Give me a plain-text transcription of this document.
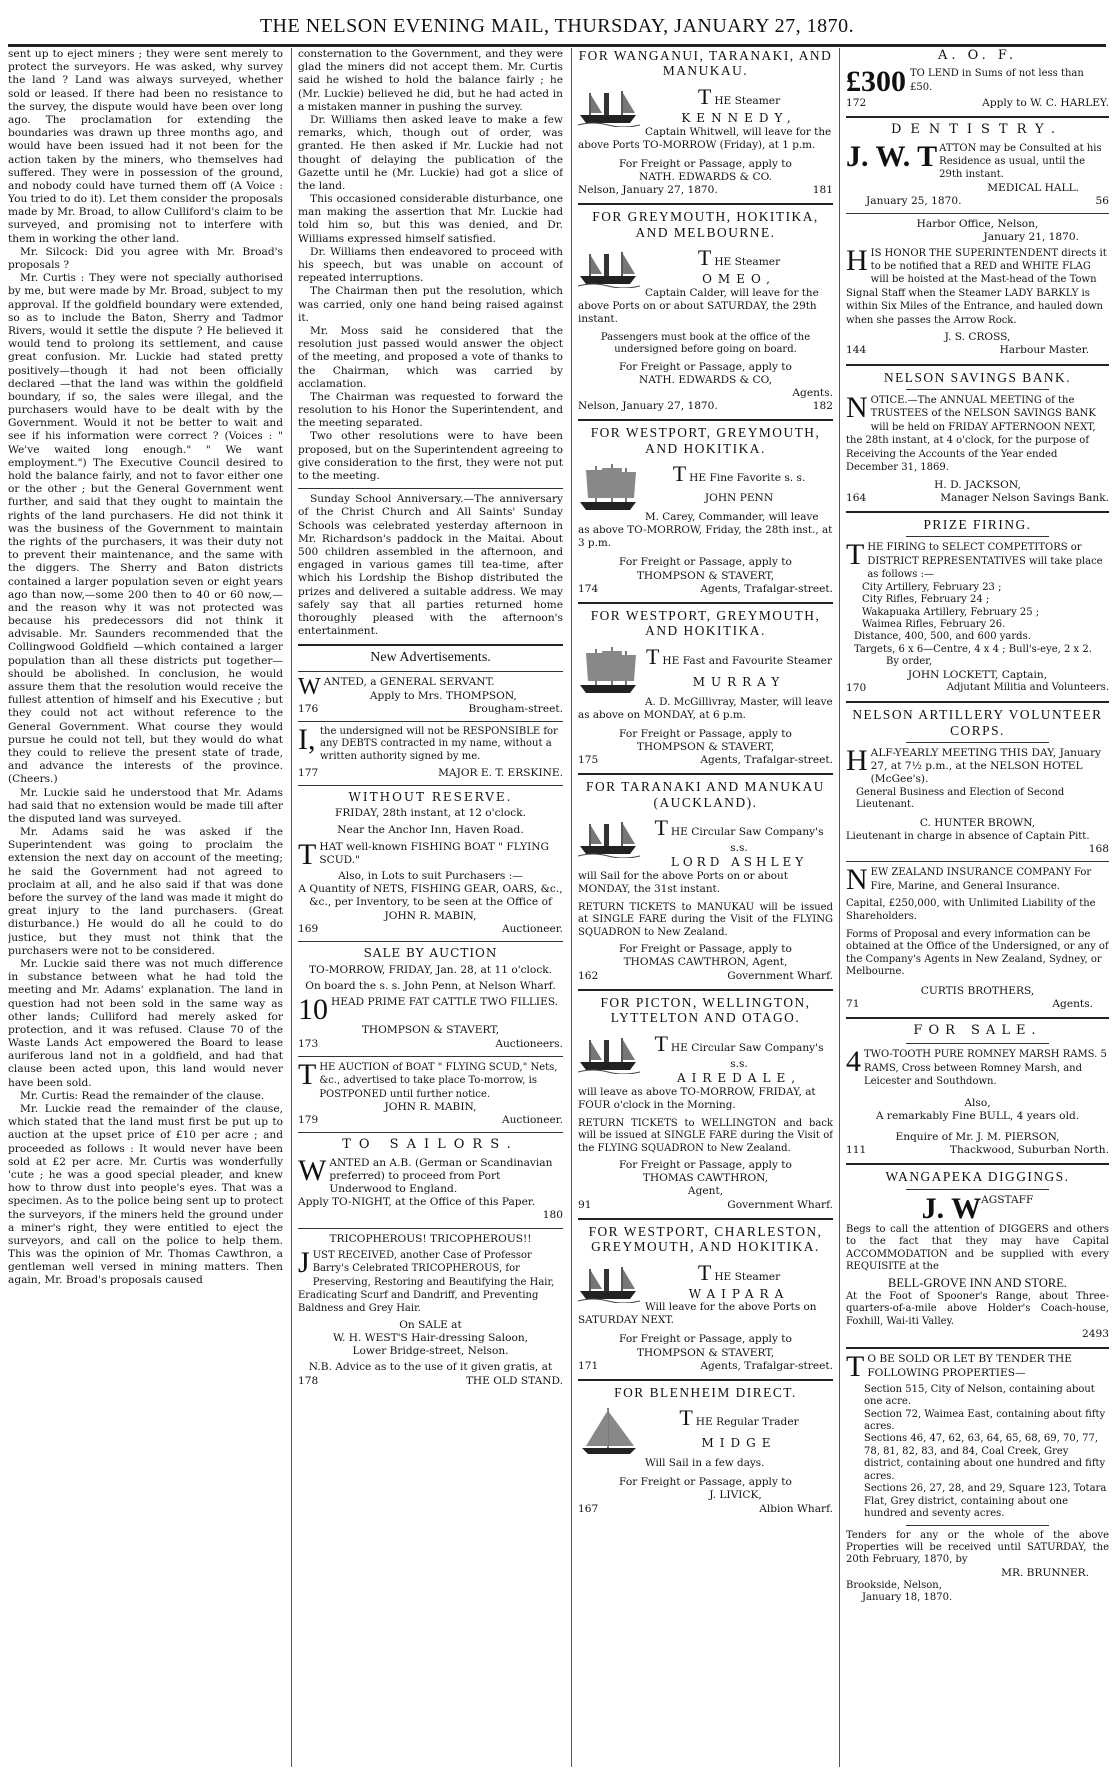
THE NELSON EVENING MAIL, THURSDAY, JANUARY 27, 1870.

sent up to eject miners ; they were sent merely to protect the surveyors. He was asked, why survey the land ? Land was always surveyed, whether sold or leased. If there had been no resistance to the survey, the dispute would have been over long ago. The proclamation for extending the boundaries was drawn up three months ago, and would have been issued had it not been for the action taken by the miners, who themselves had suffered. They were in possession of the ground, and nobody could have turned them off (A Voice : You tried to do it). Let them consider the proposals made by Mr. Broad, to allow Culliford's claim to be surveyed, and promising not to interfere with them in working the other land.

Mr. Silcock: Did you agree with Mr. Broad's proposals ?

Mr. Curtis : They were not specially authorised by me, but were made by Mr. Broad, subject to my approval. If the goldfield boundary were extended, so as to include the Baton, Sherry and Tadmor Rivers, would it settle the dispute ? He believed it would tend to prolong its settlement, and cause great confusion. Mr. Luckie had stated pretty positively—though it had not been officially declared —that the land was within the goldfield boundary, if so, the sales were illegal, and the purchasers would have to be dealt with by the Government. Would it not be better to wait and see if his information were correct ? (Voices : " We've waited long enough." " We want employment.") The Executive Council desired to hold the balance fairly, and not to favor either one or the other ; but the General Government went further, and said that they ought to maintain the rights of the land purchasers. He did not think it was the business of the Government to maintain the rights of the purchasers, it was their duty not to prevent their maintenance, and the same with the diggers. The Sherry and Baton districts contained a larger population seven or eight years ago than now,—some 200 then to 40 or 60 now,—and the reason why it was not protected was because his predecessors did not think it advisable. Mr. Saunders recommended that the Collingwood Goldfield —which contained a larger population than all these districts put together—should be abolished. In conclusion, he would assure them that the resolution would receive the fullest attention of himself and his Executive ; but they could not act without reference to the General Government. What course they would pursue he could not tell, but they would do what they could to relieve the present state of trade, and advance the interests of the province. (Cheers.)

Mr. Luckie said he understood that Mr. Adams had said that no extension would be made till after the disputed land was surveyed.

Mr. Adams said he was asked if the Superintendent was going to proclaim the extension the next day on account of the meeting; he said the Government had not agreed to proclaim at all, and he also said if that was done before the survey of the land was made it might do great injury to the land purchasers. (Great disturbance.) He would do all he could to do justice, but they must not think that the purchasers were not to be considered.

Mr. Luckie said there was not much difference in substance between what he had told the meeting and Mr. Adams' explanation. The land in question had not been sold in the same way as other lands; Culliford had merely asked for protection, and it was refused. Clause 70 of the Waste Lands Act empowered the Board to lease auriferous land not in a goldfield, and had that clause been acted upon, this land would never have been sold.

Mr. Curtis: Read the remainder of the clause.

Mr. Luckie read the remainder of the clause, which stated that the land must first be put up to auction at the upset price of £10 per acre ; and proceeded as follows : It would never have been sold at £2 per acre. Mr. Curtis was wonderfully 'cute ; he was a good special pleader, and knew how to throw dust into people's eyes. That was a specimen. As to the police being sent up to protect the surveyors, if the miners held the ground under a miner's right, they were entitled to eject the surveyors, and call on the police to help them. This was the opinion of Mr. Thomas Cawthron, a gentleman well versed in mining matters. Then again, Mr. Broad's proposals caused

consternation to the Government, and they were glad the miners did not accept them. Mr. Curtis said he wished to hold the balance fairly ; he (Mr. Luckie) believed he did, but he had acted in a mistaken manner in pushing the survey.

Dr. Williams then asked leave to make a few remarks, which, though out of order, was granted. He then asked if Mr. Luckie had not thought of delaying the publication of the Gazette until he (Mr. Luckie) had got a slice of the land.

This occasioned considerable disturbance, one man making the assertion that Mr. Luckie had told him so, but this was denied, and Dr. Williams expressed himself satisfied.

Dr. Williams then endeavored to proceed with his speech, but was unable on account of repeated interruptions.

The Chairman then put the resolution, which was carried, only one hand being raised against it.

Mr. Moss said he considered that the resolution just passed would answer the object of the meeting, and proposed a vote of thanks to the Chairman, which was carried by acclamation.

The Chairman was requested to forward the resolution to his Honor the Superintendent, and the meeting separated.

Two other resolutions were to have been proposed, but on the Superintendent agreeing to give consideration to the first, they were not put to the meeting.

Sunday School Anniversary.—The anniversary of the Christ Church and All Saints' Sunday Schools was celebrated yesterday afternoon in Mr. Richardson's paddock in the Maitai. About 500 children assembled in the afternoon, and engaged in various games till tea-time, after which his Lordship the Bishop distributed the prizes and delivered a suitable address. We may safely say that all parties returned home thoroughly pleased with the afternoon's entertainment.

New Advertisements.
W ANTED, a GENERAL SERVANT.
Apply to Mrs. THOMPSON,
176	Brougham-street.
I, the undersigned will not be RESPONSIBLE for any DEBTS contracted in my name, without a written authority signed by me.
177	MAJOR E. T. ERSKINE.
WITHOUT RESERVE.
FRIDAY, 28th instant, at 12 o'clock.
Near the Anchor Inn, Haven Road.
THAT well-known FISHING BOAT " FLYING SCUD."
Also, in Lots to suit Purchasers :—
A Quantity of NETS, FISHING GEAR, OARS, &c., &c., per Inventory, to be seen at the Office of
JOHN R. MABIN,
169	Auctioneer.
SALE BY AUCTION
TO-MORROW, FRIDAY, Jan. 28, at 11 o'clock.
On board the s. s. John Penn, at Nelson Wharf.
10 HEAD PRIME FAT CATTLE TWO FILLIES.
THOMPSON & STAVERT,
173	Auctioneers.
THE AUCTION of BOAT " FLYING SCUD," Nets, &c., advertised to take place To-morrow, is POSTPONED until further notice.
JOHN R. MABIN,
179	Auctioneer.
TO SAILORS.
WANTED an A.B. (German or Scandinavian preferred) to proceed from Port Underwood to England.
Apply TO-NIGHT, at the Office of this Paper.
180
TRICOPHEROUS! TRICOPHEROUS!!
JUST RECEIVED, another Case of Professor Barry's Celebrated TRICOPHEROUS, for Preserving, Restoring and Beautifying the Hair, Eradicating Scurf and Dandriff, and Preventing Baldness and Grey Hair.
On SALE at
W. H. WEST'S Hair-dressing Saloon,
Lower Bridge-street, Nelson.
N.B. Advice as to the use of it given gratis, at
178	THE OLD STAND.
FOR WANGANUI, TARANAKI, AND MANUKAU.
THE Steamer
KENNEDY,
Captain Whitwell, will leave for the above Ports TO-MORROW (Friday), at 1 p.m.
For Freight or Passage, apply to
NATH. EDWARDS & CO.
Nelson, January 27, 1870.	181
FOR GREYMOUTH, HOKITIKA, AND MELBOURNE.
THE Steamer
OMEO,
Captain Calder, will leave for the above Ports on or about SATURDAY, the 29th instant.
Passengers must book at the office of the undersigned before going on board.
For Freight or Passage, apply to
NATH. EDWARDS & CO,
Agents.
Nelson, January 27, 1870.	182
FOR WESTPORT, GREYMOUTH, AND HOKITIKA.
THE Fine Favorite s. s.
JOHN PENN
M. Carey, Commander, will leave as above TO-MORROW, Friday, the 28th inst., at 3 p.m.
For Freight or Passage, apply to
THOMPSON & STAVERT,
174	Agents, Trafalgar-street.
FOR WESTPORT, GREYMOUTH, AND HOKITIKA.
THE Fast and Favourite Steamer
MURRAY
A. D. McGillivray, Master, will leave as above on MONDAY, at 6 p.m.
For Freight or Passage, apply to
THOMPSON & STAVERT,
175	Agents, Trafalgar-street.
FOR TARANAKI AND MANUKAU (AUCKLAND).
THE Circular Saw Company's s.s.
LORD ASHLEY
will Sail for the above Ports on or about MONDAY, the 31st instant.
RETURN TICKETS to MANUKAU will be issued at SINGLE FARE during the Visit of the FLYING SQUADRON to New Zealand.
For Freight or Passage, apply to
THOMAS CAWTHRON, Agent,
162	Government Wharf.
FOR PICTON, WELLINGTON, LYTTELTON AND OTAGO.
THE Circular Saw Company's s.s.
AIREDALE,
will leave as above TO-MORROW, FRIDAY, at FOUR o'clock in the Morning.
RETURN TICKETS to WELLINGTON and back will be issued at SINGLE FARE during the Visit of the FLYING SQUADRON to New Zealand.
For Freight or Passage, apply to
THOMAS CAWTHRON,
Agent,
91	Government Wharf.
FOR WESTPORT, CHARLESTON, GREYMOUTH, AND HOKITIKA.
THE Steamer
WAIPARA
Will leave for the above Ports on SATURDAY NEXT.
For Freight or Passage, apply to
THOMPSON & STAVERT,
171	Agents, Trafalgar-street.
FOR BLENHEIM DIRECT.
THE Regular Trader
MIDGE
Will Sail in a few days.
For Freight or Passage, apply to
J. LIVICK,
167	Albion Wharf.
A. O. F.
£300 TO LEND in Sums of not less than £50.
172	Apply to W. C. HARLEY.
DENTISTRY.
J. W. T ATTON may be Consulted at his Residence as usual, until the 29th instant.
MEDICAL HALL.
January 25, 1870.	56
Harbor Office, Nelson,
January 21, 1870.
HIS HONOR THE SUPERINTENDENT directs it to be notified that a RED and WHITE FLAG will be hoisted at the Mast-head of the Town Signal Staff when the Steamer LADY BARKLY is within Six Miles of the Entrance, and hauled down when she passes the Arrow Rock.
J. S. CROSS,
144	Harbour Master.
NELSON SAVINGS BANK.
NOTICE.—The ANNUAL MEETING of the TRUSTEES of the NELSON SAVINGS BANK will be held on FRIDAY AFTERNOON NEXT, the 28th instant, at 4 o'clock, for the purpose of Receiving the Accounts of the Year ended December 31, 1869.
H. D. JACKSON,
164	Manager Nelson Savings Bank.
PRIZE FIRING.
THE FIRING to SELECT COMPETITORS or DISTRICT REPRESENTATIVES will take place as follows :—
City Artillery, February 23 ;
City Rifles, February 24 ;
Wakapuaka Artillery, February 25 ;
Waimea Rifles, February 26.
Distance, 400, 500, and 600 yards.
Targets, 6 x 6—Centre, 4 x 4 ; Bull's-eye, 2 x 2.
By order,
JOHN LOCKETT, Captain,
170	Adjutant Militia and Volunteers.
NELSON ARTILLERY VOLUNTEER CORPS.
HALF-YEARLY MEETING THIS DAY, January 27, at 7½ p.m., at the NELSON HOTEL (McGee's).
General Business and Election of Second Lieutenant.
C. HUNTER BROWN,
Lieutenant in charge in absence of Captain Pitt.
168
NEW ZEALAND INSURANCE COMPANY For Fire, Marine, and General Insurance.
Capital, £250,000, with Unlimited Liability of the Shareholders.
Forms of Proposal and every information can be obtained at the Office of the Undersigned, or any of the Company's Agents in New Zealand, Sydney, or Melbourne.
CURTIS BROTHERS,
71	Agents.
FOR SALE.
4 TWO-TOOTH PURE ROMNEY MARSH RAMS. 5 RAMS, Cross between Romney Marsh, and Leicester and Southdown.
Also,
A remarkably Fine BULL, 4 years old.
Enquire of Mr. J. M. PIERSON,
111	Thackwood, Suburban North.
WANGAPEKA DIGGINGS.
J. WAGSTAFF
Begs to call the attention of DIGGERS and others to the fact that they may have Capital ACCOMMODATION and be supplied with every REQUISITE at the
BELL-GROVE INN AND STORE.
At the Foot of Spooner's Range, about Three-quarters-of-a-mile above Holder's Coach-house, Foxhill, Wai-iti Valley.
2493
T O BE SOLD OR LET BY TENDER THE FOLLOWING PROPERTIES—
Section 515, City of Nelson, containing about one acre.
Section 72, Waimea East, containing about fifty acres.
Sections 46, 47, 62, 63, 64, 65, 68, 69, 70, 77, 78, 81, 82, 83, and 84, Coal Creek, Grey district, containing about one hundred and fifty acres.
Sections 26, 27, 28, and 29, Square 123, Totara Flat, Grey district, containing about one hundred and seventy acres.
Tenders for any or the whole of the above Properties will be received until SATURDAY, the 20th February, 1870, by
MR. BRUNNER.
Brookside, Nelson,
January 18, 1870.
